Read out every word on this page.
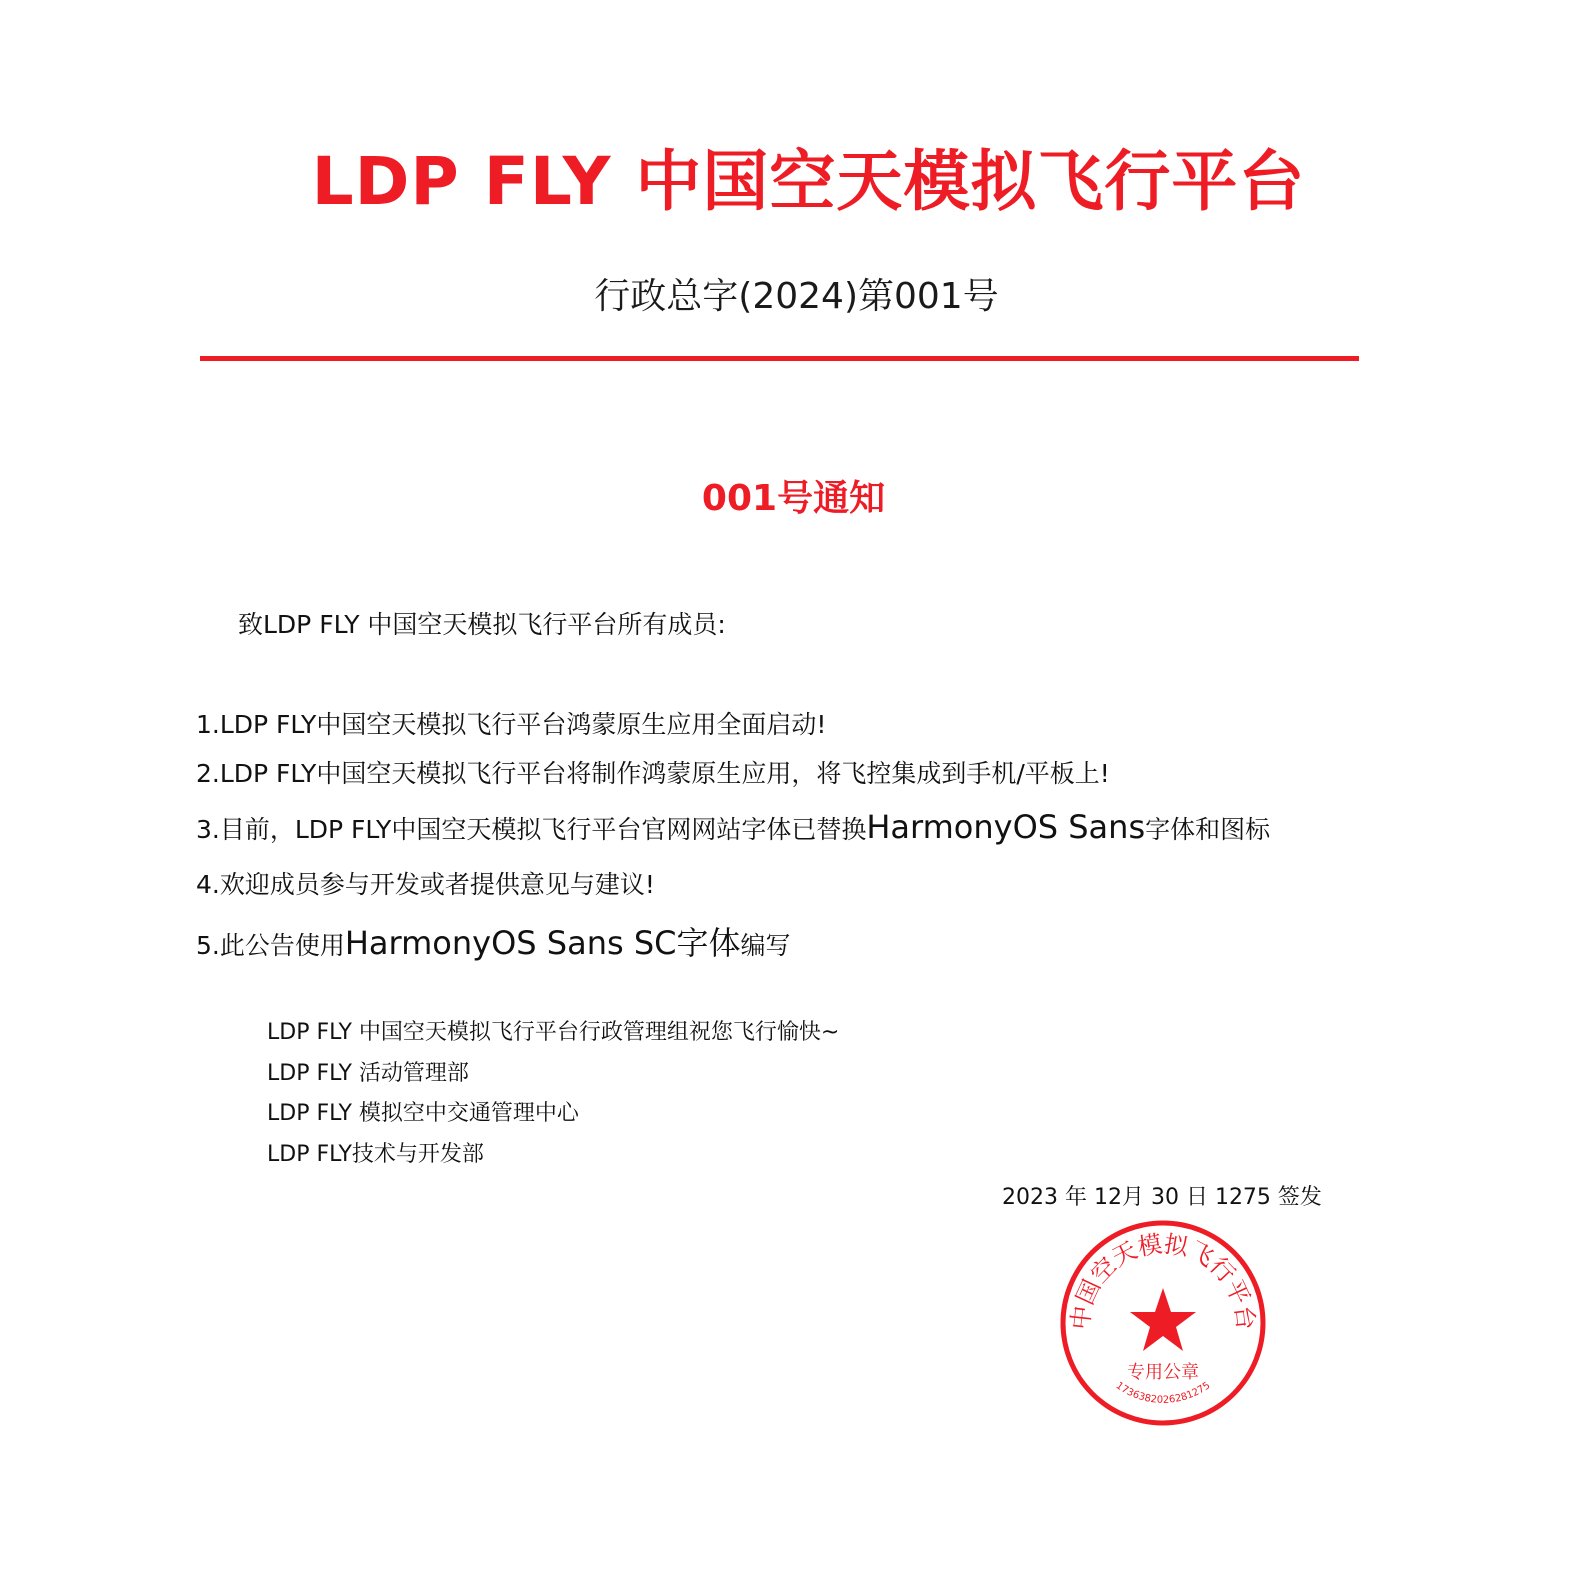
LDP FLY 中国空天模拟飞行平台
行政总字(2024)第001号
001号通知
致LDP FLY 中国空天模拟飞行平台所有成员:
1.LDP FLY中国空天模拟飞行平台鸿蒙原生应用全面启动!
2.LDP FLY中国空天模拟飞行平台将制作鸿蒙原生应用，将飞控集成到手机/平板上!
3.目前，LDP FLY中国空天模拟飞行平台官网网站字体已替换HarmonyOS Sans字体和图标
4.欢迎成员参与开发或者提供意见与建议!
5.此公告使用HarmonyOS Sans SC字体编写
LDP FLY 中国空天模拟飞行平台行政管理组祝您飞行愉快~
LDP FLY 活动管理部
LDP FLY 模拟空中交通管理中心
LDP FLY技术与开发部
2023 年 12月 30 日 1275 签发
中国空天模拟飞行平台
专用公章
17363820262812​75
